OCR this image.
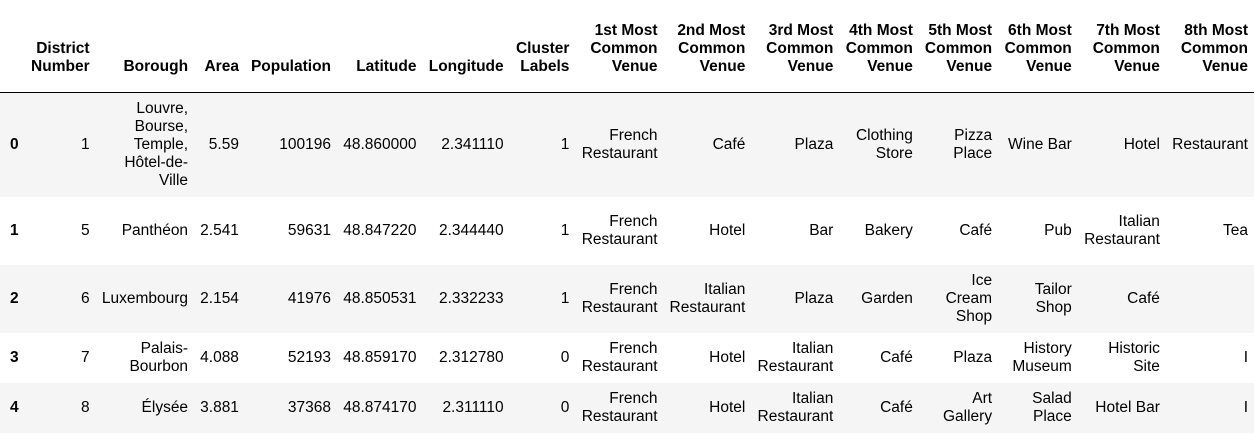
	District Number	Borough	Area	Population	Latitude	Longitude	Cluster Labels	1st Most Common Venue	2nd Most Common Venue	3rd Most Common Venue	4th Most Common Venue	5th Most Common Venue	6th Most Common Venue	7th Most Common Venue	8th Most Common Venue
0	1	Louvre, Bourse, Temple, Hôtel-de-Ville	5.59	100196	48.860000	2.341110	1	French Restaurant	Café	Plaza	Clothing Store	Pizza Place	Wine Bar	Hotel	Restaurant
1	5	Panthéon	2.541	59631	48.847220	2.344440	1	French Restaurant	Hotel	Bar	Bakery	Café	Pub	Italian Restaurant	Tea
2	6	Luxembourg	2.154	41976	48.850531	2.332233	1	French Restaurant	Italian Restaurant	Plaza	Garden	Ice Cream Shop	Tailor Shop	Café	
3	7	Palais-Bourbon	4.088	52193	48.859170	2.312780	0	French Restaurant	Hotel	Italian Restaurant	Café	Plaza	History Museum	Historic Site	I
4	8	Élysée	3.881	37368	48.874170	2.311110	0	French Restaurant	Hotel	Italian Restaurant	Café	Art Gallery	Salad Place	Hotel Bar	I
